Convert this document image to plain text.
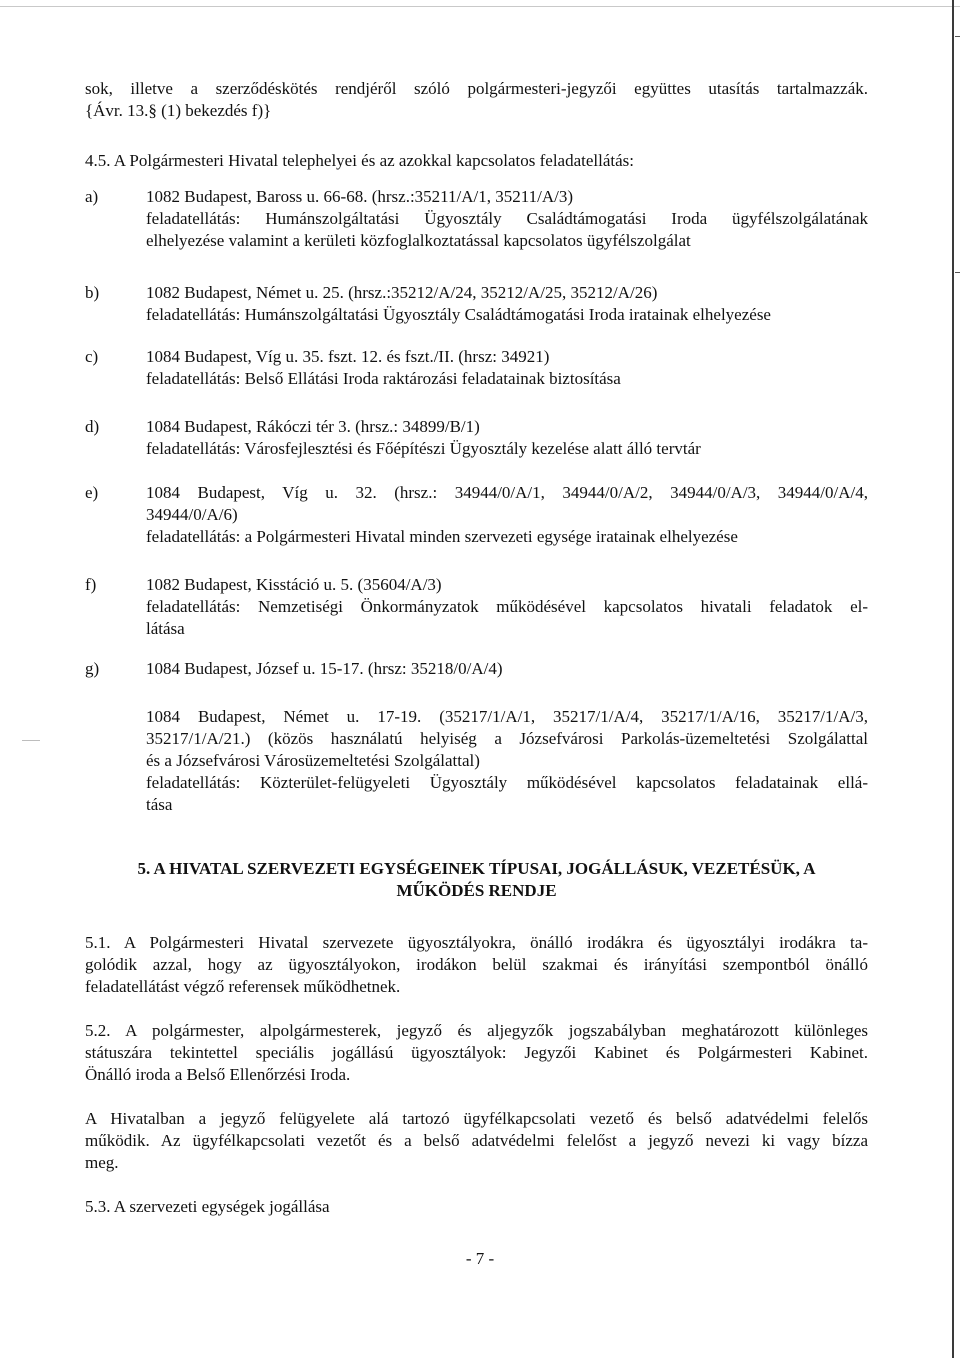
sok, illetve a szerződéskötés rendjéről szóló polgármesteri-jegyzői együttes utasítás tartalmazzák.
{Ávr. 13.§ (1) bekezdés f)}
4.5. A Polgármesteri Hivatal telephelyei és az azokkal kapcsolatos feladatellátás:
a)	1082 Budapest, Baross u. 66-68. (hrsz.:35211/A/1, 35211/A/3)
feladatellátás: Humánszolgáltatási Ügyosztály Családtámogatási Iroda ügyfélszolgálatának
elhelyezése valamint a kerületi közfoglalkoztatással kapcsolatos ügyfélszolgálat
b)	1082 Budapest, Német u. 25. (hrsz.:35212/A/24, 35212/A/25, 35212/A/26)
feladatellátás: Humánszolgáltatási Ügyosztály Családtámogatási Iroda iratainak elhelyezése
c)	1084 Budapest, Víg u. 35. fszt. 12. és fszt./II. (hrsz: 34921)
feladatellátás: Belső Ellátási Iroda raktározási feladatainak biztosítása
d)	1084 Budapest, Rákóczi tér 3. (hrsz.: 34899/B/1)
feladatellátás: Városfejlesztési és Főépítészi Ügyosztály kezelése alatt álló tervtár
e)	1084 Budapest, Víg u. 32. (hrsz.: 34944/0/A/1, 34944/0/A/2, 34944/0/A/3, 34944/0/A/4,
34944/0/A/6)
feladatellátás: a Polgármesteri Hivatal minden szervezeti egysége iratainak elhelyezése
f)	1082 Budapest, Kisstáció u. 5. (35604/A/3)
feladatellátás: Nemzetiségi Önkormányzatok működésével kapcsolatos hivatali feladatok el-
látása
g)	1084 Budapest, József u. 15-17. (hrsz: 35218/0/A/4)
1084 Budapest, Német u. 17-19. (35217/1/A/1, 35217/1/A/4, 35217/1/A/16, 35217/1/A/3,
35217/1/A/21.) (közös használatú helyiség a Józsefvárosi Parkolás-üzemeltetési Szolgálattal
és a Józsefvárosi Városüzemeltetési Szolgálattal)
feladatellátás: Közterület-felügyeleti Ügyosztály működésével kapcsolatos feladatainak ellá-
tása
5. A HIVATAL SZERVEZETI EGYSÉGEINEK TÍPUSAI, JOGÁLLÁSUK, VEZETÉSÜK, A
MŰKÖDÉS RENDJE
5.1. A Polgármesteri Hivatal szervezete ügyosztályokra, önálló irodákra és ügyosztályi irodákra ta-
golódik azzal, hogy az ügyosztályokon, irodákon belül szakmai és irányítási szempontból önálló
feladatellátást végző referensek működhetnek.
5.2. A polgármester, alpolgármesterek, jegyző és aljegyzők jogszabályban meghatározott különleges
státuszára tekintettel speciális jogállású ügyosztályok: Jegyzői Kabinet és Polgármesteri Kabinet.
Önálló iroda a Belső Ellenőrzési Iroda.
A Hivatalban a jegyző felügyelete alá tartozó ügyfélkapcsolati vezető és belső adatvédelmi felelős
működik. Az ügyfélkapcsolati vezetőt és a belső adatvédelmi felelőst a jegyző nevezi ki vagy bízza
meg.
5.3. A szervezeti egységek jogállása
- 7 -
